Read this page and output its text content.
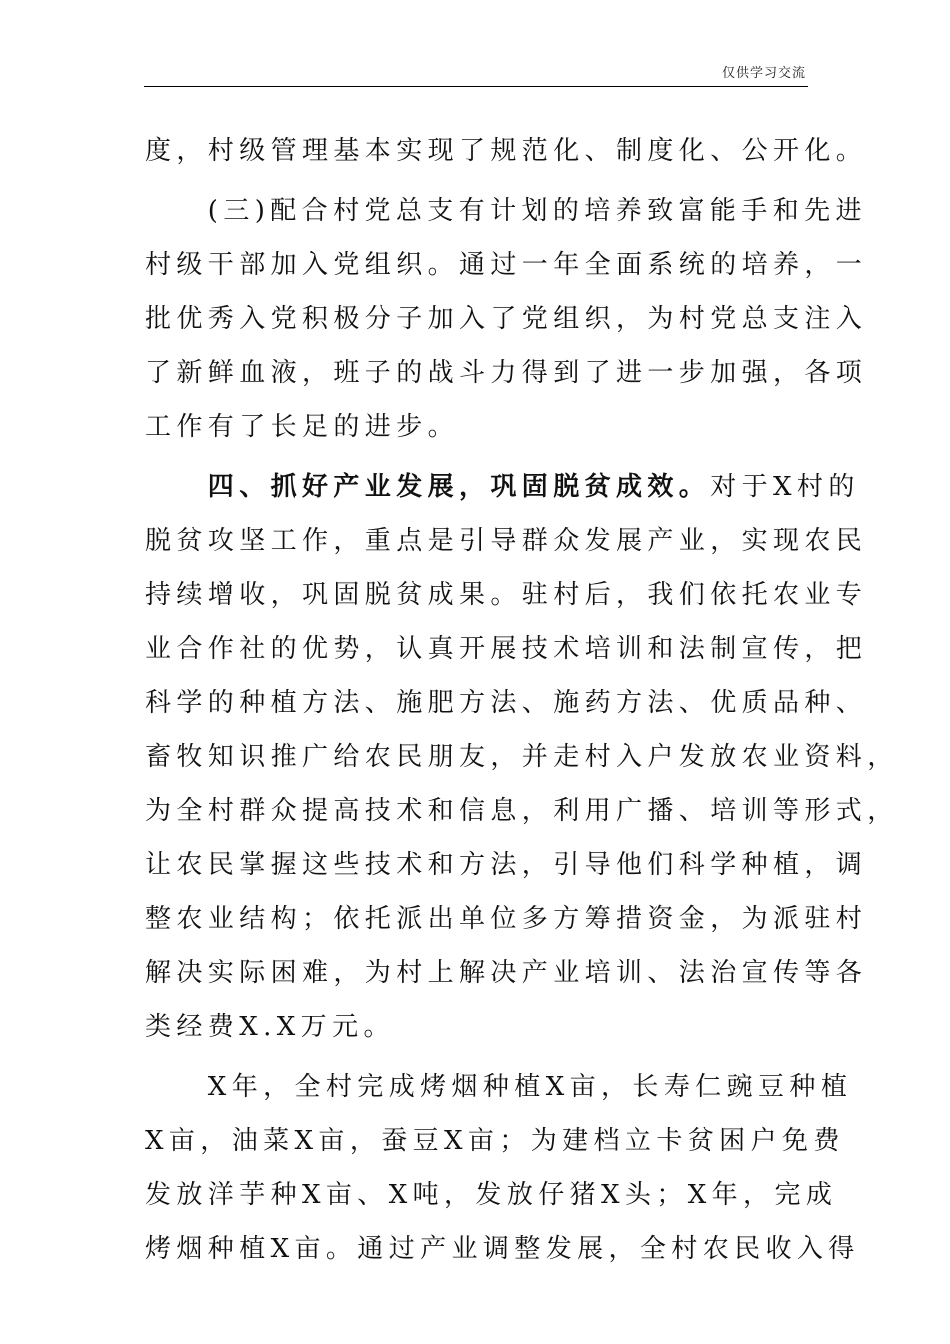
仅供学习交流
度，村级管理基本实现了规范化、制度化、公开化。
　　(三)配合村党总支有计划的培养致富能手和先进
村级干部加入党组织。通过一年全面系统的培养，一
批优秀入党积极分子加入了党组织，为村党总支注入
了新鲜血液，班子的战斗力得到了进一步加强，各项
工作有了长足的进步。
　　四、抓好产业发展，巩固脱贫成效。对于X村的
脱贫攻坚工作，重点是引导群众发展产业，实现农民
持续增收，巩固脱贫成果。驻村后，我们依托农业专
业合作社的优势，认真开展技术培训和法制宣传，把
科学的种植方法、施肥方法、施药方法、优质品种、
畜牧知识推广给农民朋友，并走村入户发放农业资料，
为全村群众提高技术和信息，利用广播、培训等形式，
让农民掌握这些技术和方法，引导他们科学种植，调
整农业结构；依托派出单位多方筹措资金，为派驻村
解决实际困难，为村上解决产业培训、法治宣传等各
类经费X.X万元。
　　X年，全村完成烤烟种植X亩，长寿仁豌豆种植
X亩，油菜X亩，蚕豆X亩；为建档立卡贫困户免费
发放洋芋种X亩、X吨，发放仔猪X头；X年，完成
烤烟种植X亩。通过产业调整发展，全村农民收入得
